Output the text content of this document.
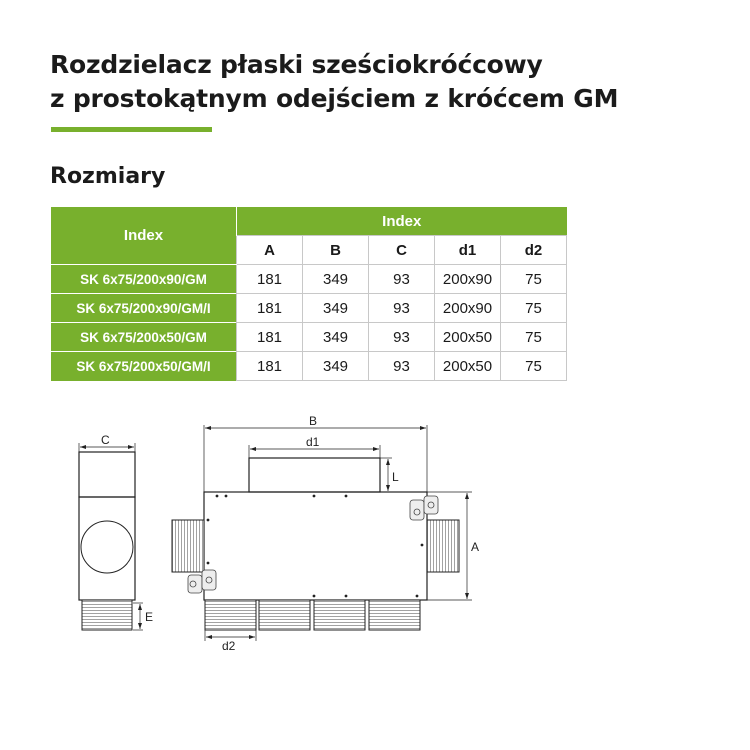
Rozdzielacz płaski sześciokróćcowy
z prostokątnym odejściem z króćcem GM
Rozmiary
Index	Index				
	A	B	C	d1	d2
SK 6x75/200x90/GM	181	349	93	200x90	75
SK 6x75/200x90/GM/I	181	349	93	200x90	75
SK 6x75/200x50/GM	181	349	93	200x50	75
SK 6x75/200x50/GM/I	181	349	93	200x50	75
C
E
B
d1
L
A
d2
